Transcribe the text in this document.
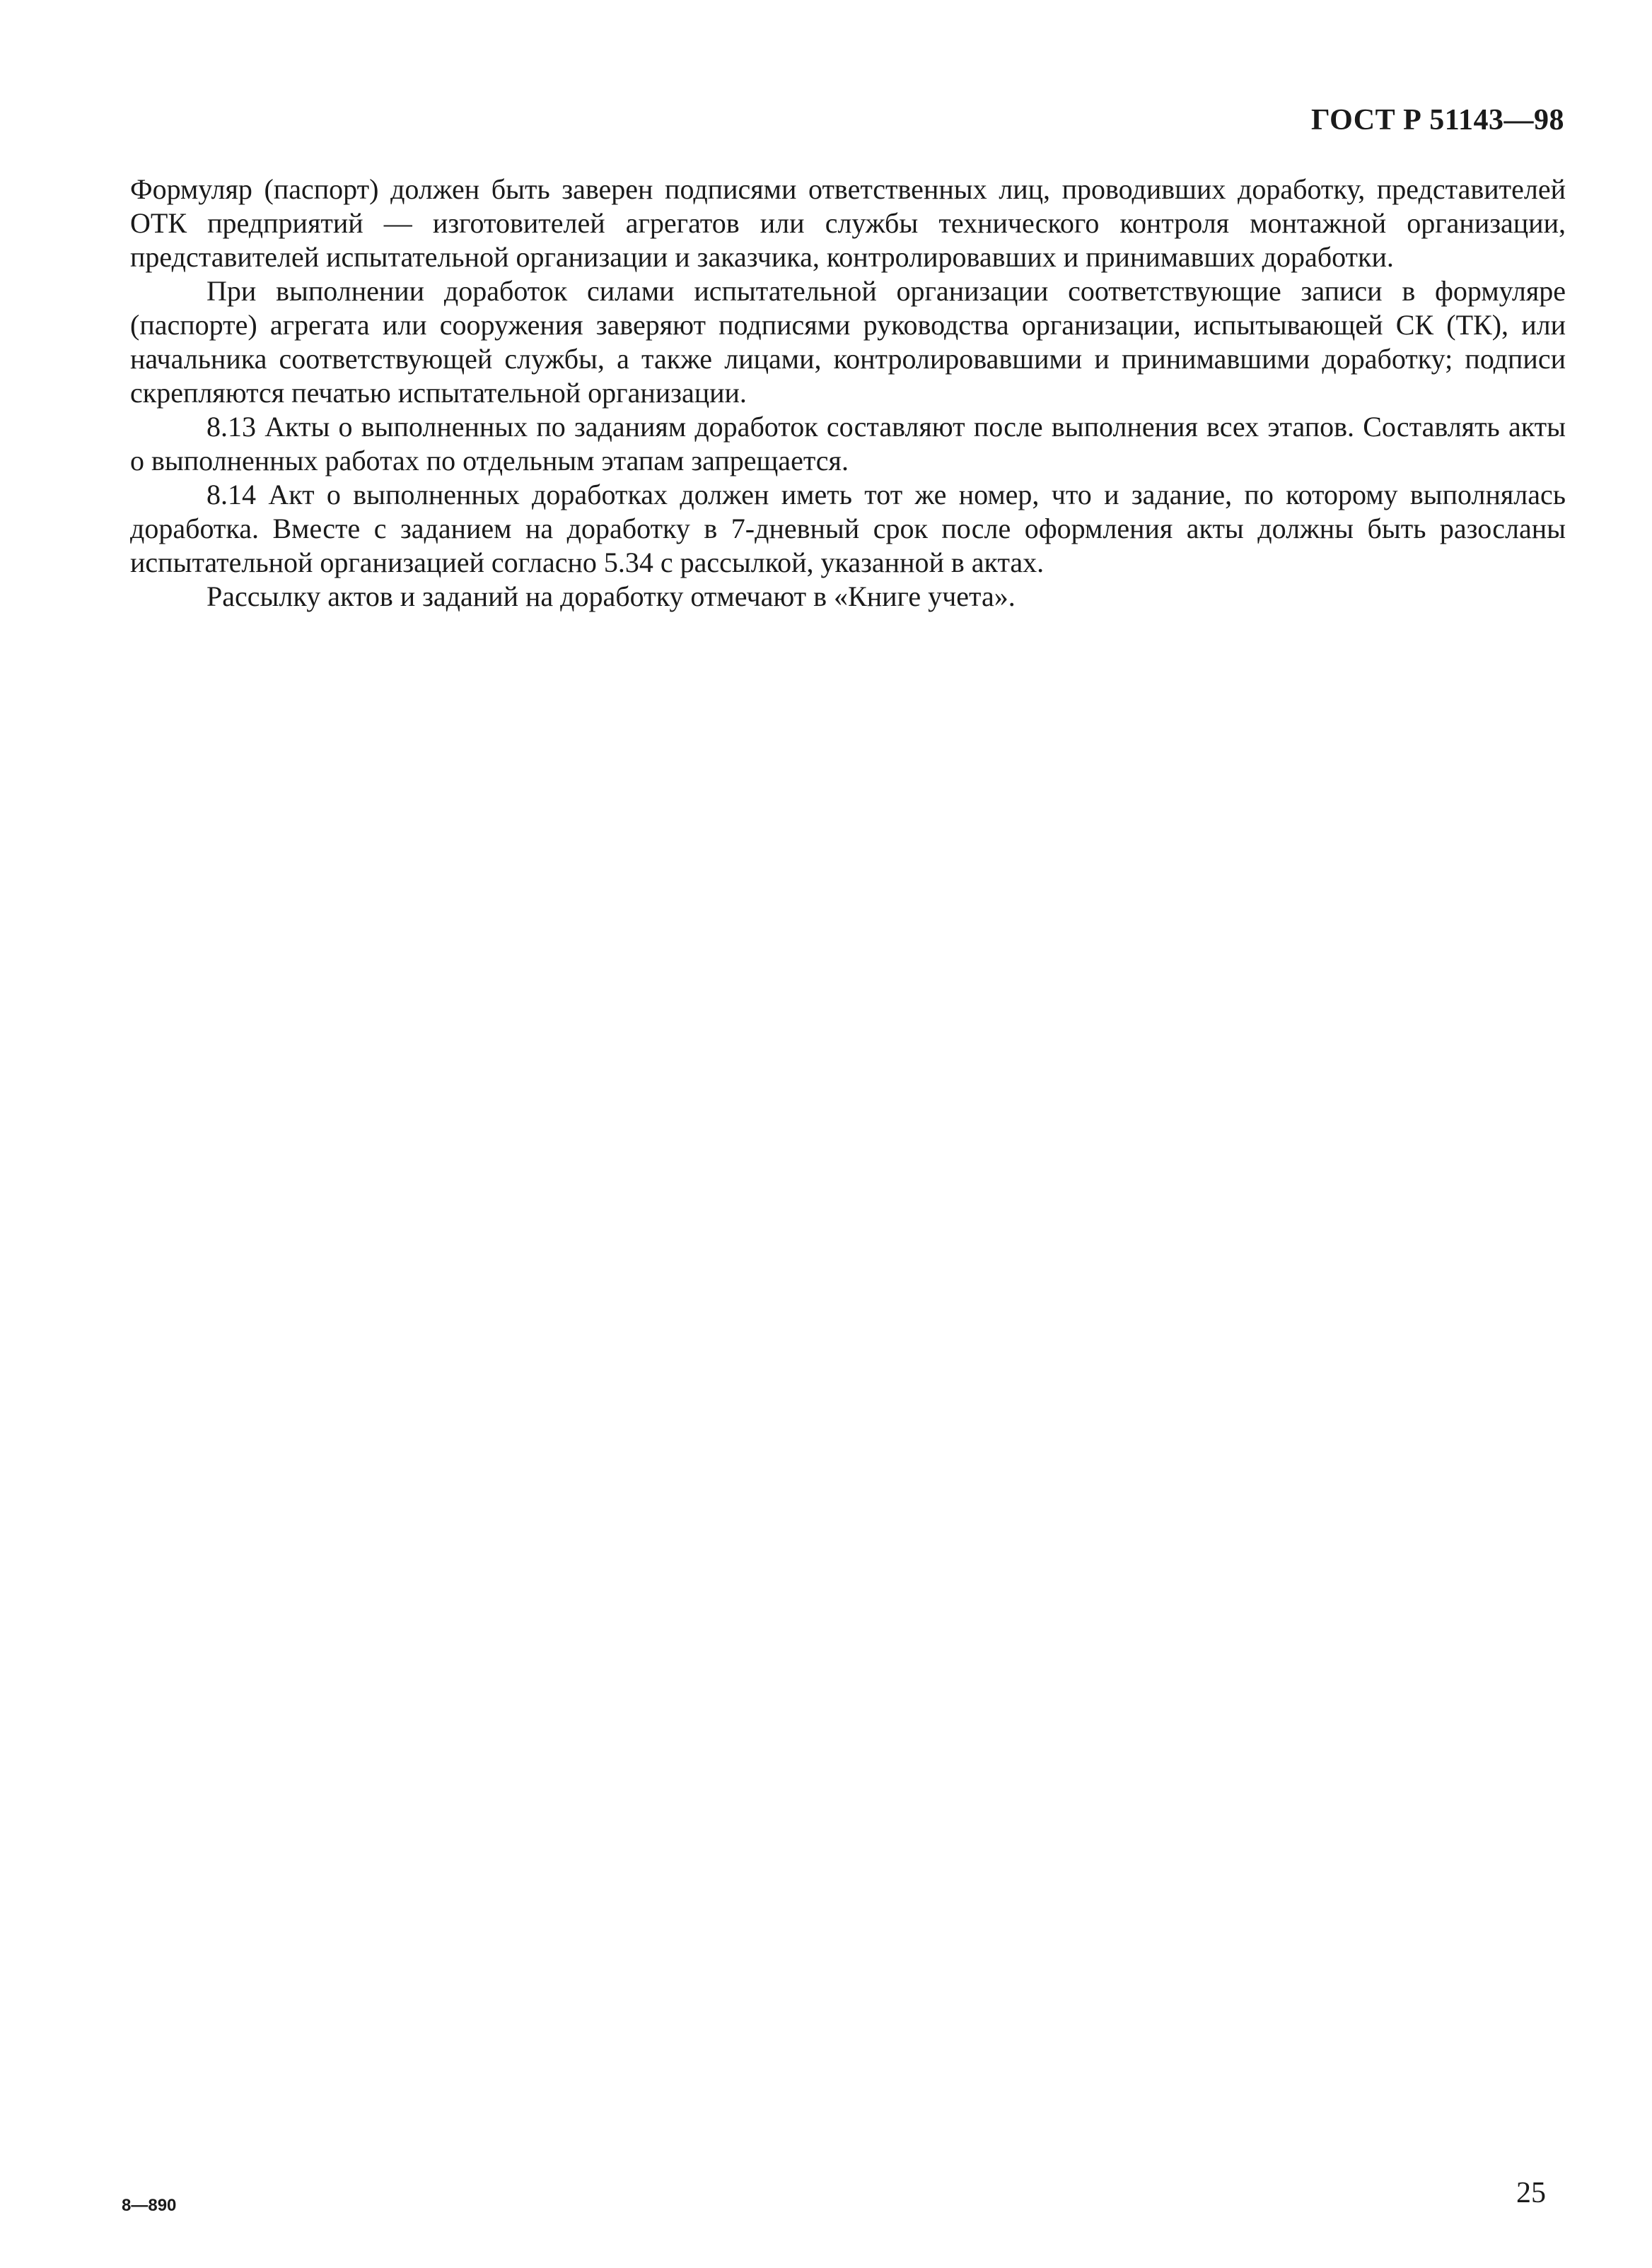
ГОСТ Р 51143—98

Формуляр (паспорт) должен быть заверен подписями ответственных лиц, проводивших доработку, представителей ОТК предприятий — изготовителей агрегатов или службы технического контроля монтажной организации, представителей испытательной организации и заказчика, контролировавших и принимавших доработки.

При выполнении доработок силами испытательной организации соответствующие записи в формуляре (паспорте) агрегата или сооружения заверяют подписями руководства организации, испытывающей СК (ТК), или начальника соответствующей службы, а также лицами, контролировавшими и принимавшими доработку; подписи скрепляются печатью испытательной организации.

8.13 Акты о выполненных по заданиям доработок составляют после выполнения всех этапов. Составлять акты о выполненных работах по отдельным этапам запрещается.

8.14 Акт о выполненных доработках должен иметь тот же номер, что и задание, по которому выполнялась доработка. Вместе с заданием на доработку в 7-дневный срок после оформления акты должны быть разосланы испытательной организацией согласно 5.34 с рассылкой, указанной в актах.

Рассылку актов и заданий на доработку отмечают в «Книге учета».

8—890	25
